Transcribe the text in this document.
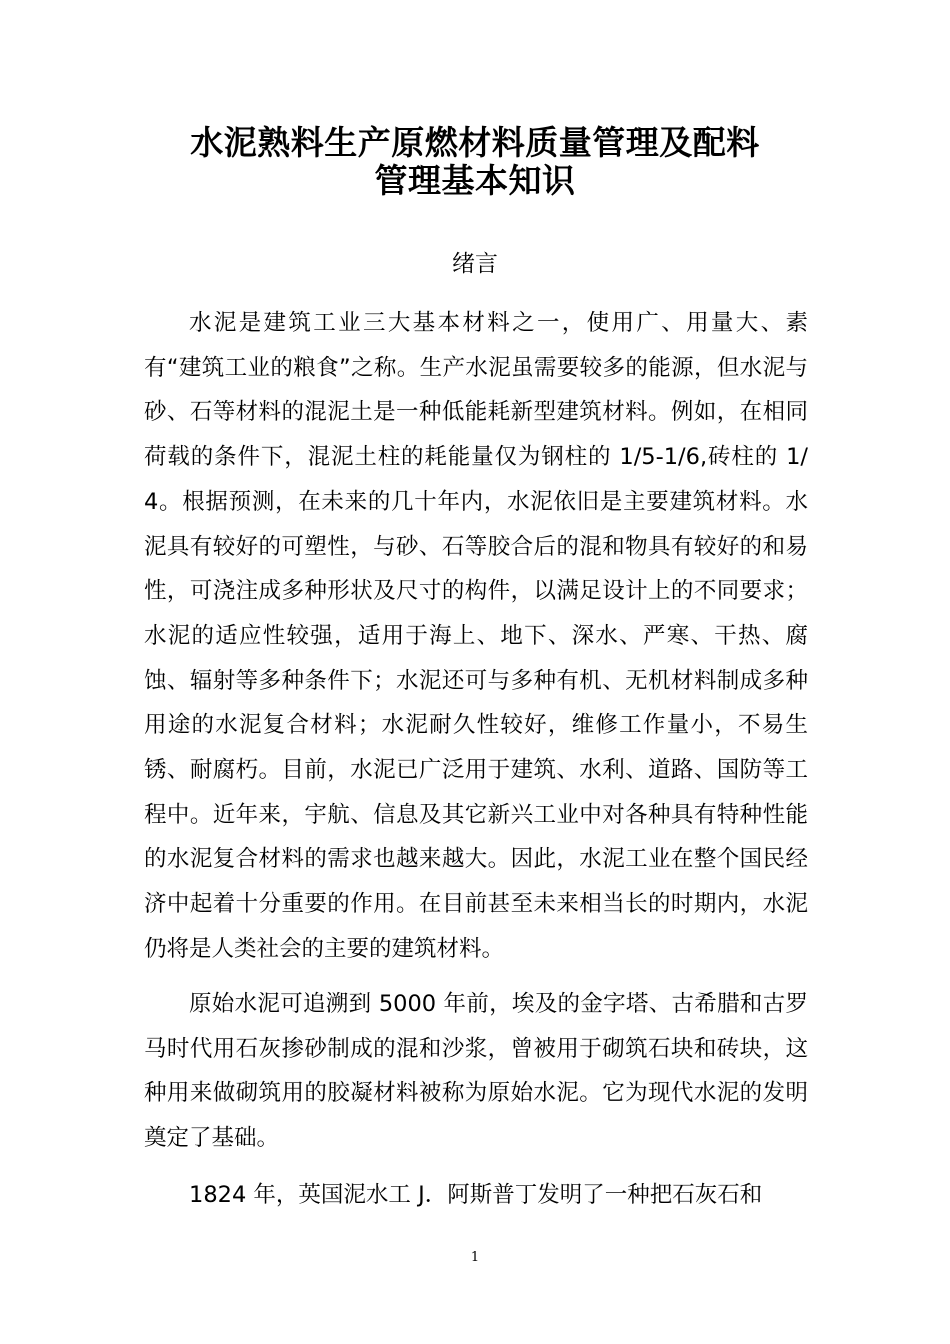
水泥熟料生产原燃材料质量管理及配料
管理基本知识
绪言

水泥是建筑工业三大基本材料之一，使用广、用量大、素有“建筑工业的粮食”之称。生产水泥虽需要较多的能源，但水泥与砂、石等材料的混泥土是一种低能耗新型建筑材料。例如，在相同荷载的条件下，混泥土柱的耗能量仅为钢柱的 1/5-1/6,砖柱的 1/4。根据预测，在未来的几十年内，水泥依旧是主要建筑材料。水泥具有较好的可塑性，与砂、石等胶合后的混和物具有较好的和易性，可浇注成多种形状及尺寸的构件，以满足设计上的不同要求；水泥的适应性较强，适用于海上、地下、深水、严寒、干热、腐蚀、辐射等多种条件下；水泥还可与多种有机、无机材料制成多种用途的水泥复合材料；水泥耐久性较好，维修工作量小，不易生锈、耐腐朽。目前，水泥已广泛用于建筑、水利、道路、国防等工程中。近年来，宇航、信息及其它新兴工业中对各种具有特种性能的水泥复合材料的需求也越来越大。因此，水泥工业在整个国民经济中起着十分重要的作用。在目前甚至未来相当长的时期内，水泥仍将是人类社会的主要的建筑材料。

原始水泥可追溯到 5000 年前，埃及的金字塔、古希腊和古罗马时代用石灰掺砂制成的混和沙浆，曾被用于砌筑石块和砖块，这种用来做砌筑用的胶凝材料被称为原始水泥。它为现代水泥的发明奠定了基础。

1824 年，英国泥水工 J．阿斯普丁发明了一种把石灰石和

1
